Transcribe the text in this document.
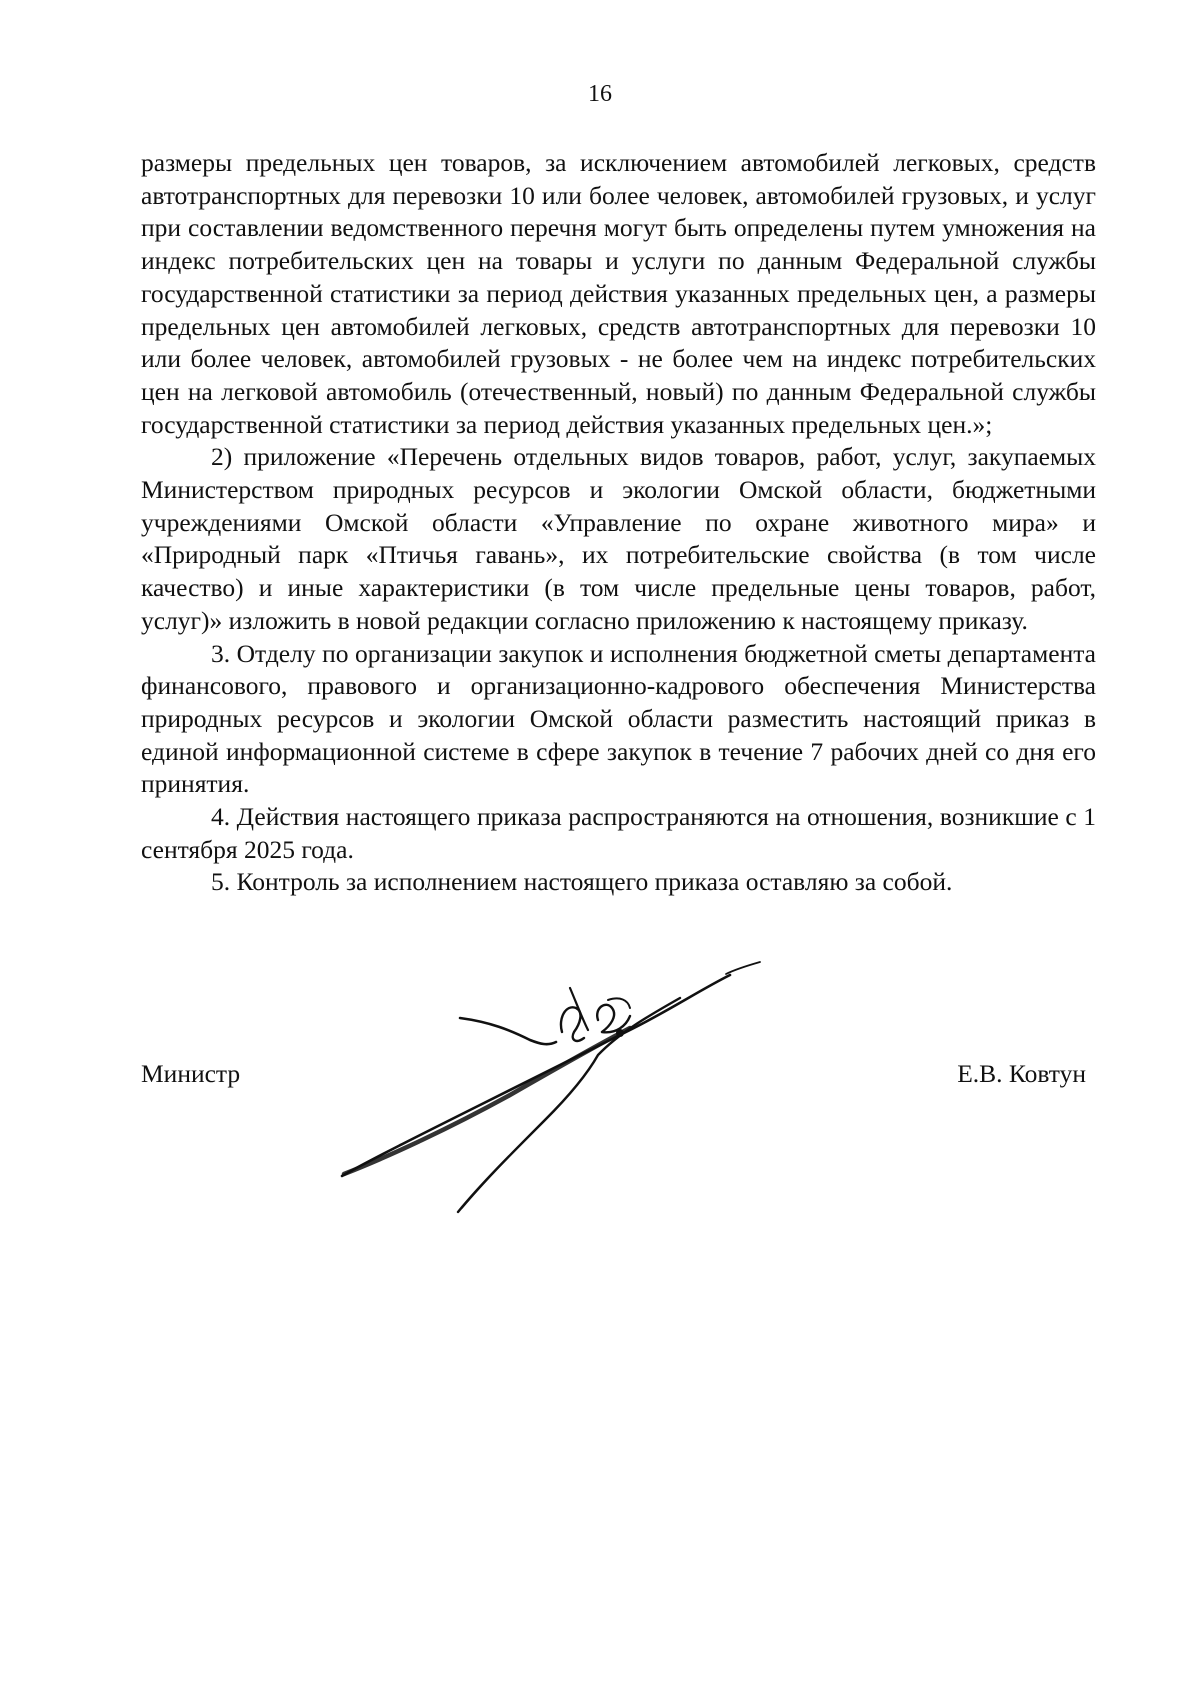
16

размеры предельных цен товаров, за исключением автомобилей легковых, средств автотранспортных для перевозки 10 или более человек, автомобилей грузовых, и услуг при составлении ведомственного перечня могут быть определены путем умножения на индекс потребительских цен на товары и услуги по данным Федеральной службы государственной статистики за период действия указанных предельных цен, а размеры предельных цен автомобилей легковых, средств автотранспортных для перевозки 10 или более человек, автомобилей грузовых - не более чем на индекс потребительских цен на легковой автомобиль (отечественный, новый) по данным Федеральной службы государственной статистики за период действия указанных предельных цен.»;

2) приложение «Перечень отдельных видов товаров, работ, услуг, закупаемых Министерством природных ресурсов и экологии Омской области, бюджетными учреждениями Омской области «Управление по охране животного мира» и «Природный парк «Птичья гавань», их потребительские свойства (в том числе качество) и иные характеристики (в том числе предельные цены товаров, работ, услуг)» изложить в новой редакции согласно приложению к настоящему приказу.

3. Отделу по организации закупок и исполнения бюджетной сметы департамента финансового, правового и организационно-кадрового обеспечения Министерства природных ресурсов и экологии Омской области разместить настоящий приказ в единой информационной системе в сфере закупок в течение 7 рабочих дней со дня его принятия.

4. Действия настоящего приказа распространяются на отношения, возникшие с 1 сентября 2025 года.

5. Контроль за исполнением настоящего приказа оставляю за собой.

Министр	Е.В. Ковтун
